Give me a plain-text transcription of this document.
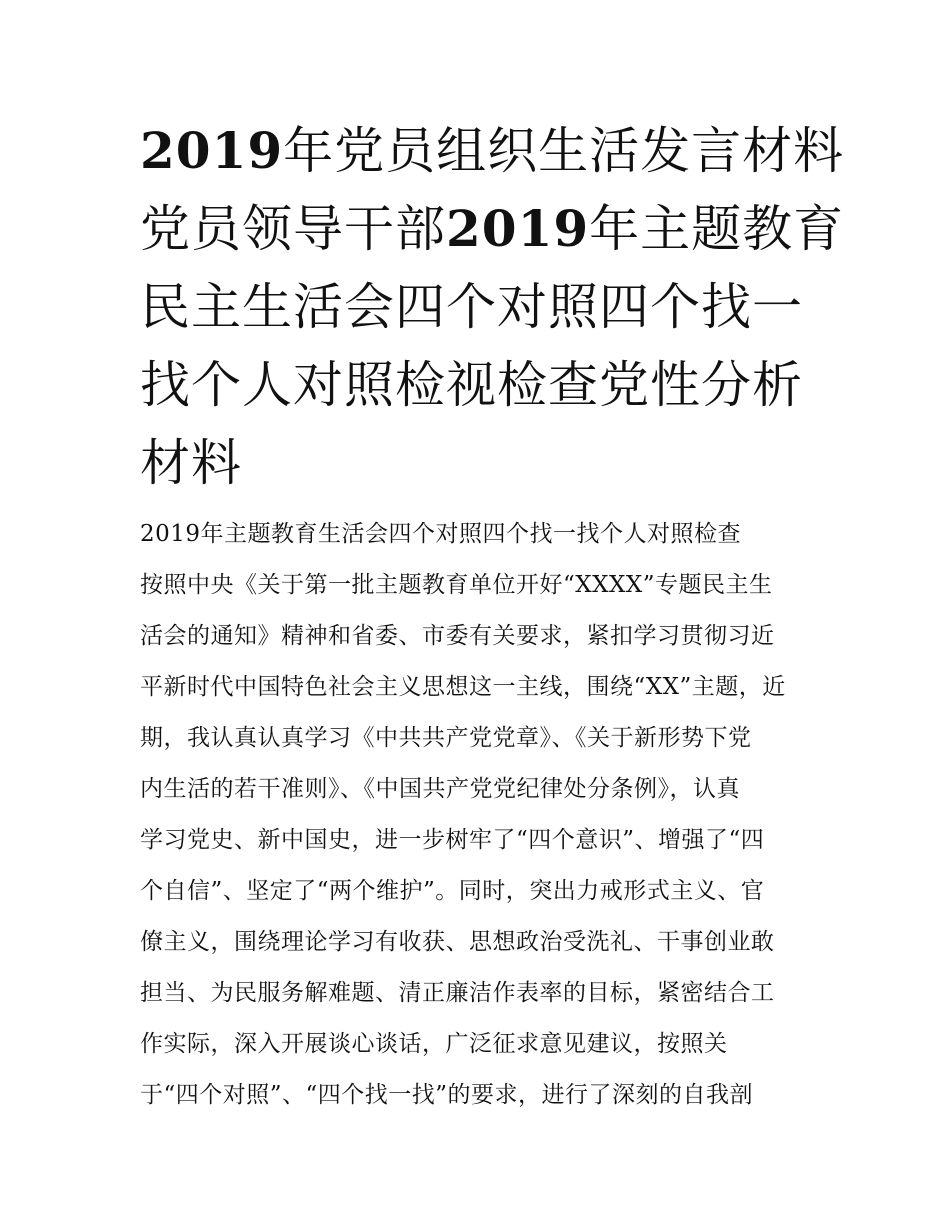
2019年党员组织生活发言材料
党员领导干部2019年主题教育
民主生活会四个对照四个找一
找个人对照检视检查党性分析
材料
2019年主题教育生活会四个对照四个找一找个人对照检查
按照中央《关于第一批主题教育单位开好“XXXX”专题民主生
活会的通知》精神和省委、市委有关要求，紧扣学习贯彻习近
平新时代中国特色社会主义思想这一主线，围绕“XX”主题，近
期，我认真认真学习《中共共产党党章》、《关于新形势下党
内生活的若干准则》、《中国共产党党纪律处分条例》，认真
学习党史、新中国史，进一步树牢了“四个意识”、增强了“四
个自信”、坚定了“两个维护”。同时，突出力戒形式主义、官
僚主义，围绕理论学习有收获、思想政治受洗礼、干事创业敢
担当、为民服务解难题、清正廉洁作表率的目标，紧密结合工
作实际，深入开展谈心谈话，广泛征求意见建议，按照关
于“四个对照”、“四个找一找”的要求，进行了深刻的自我剖
